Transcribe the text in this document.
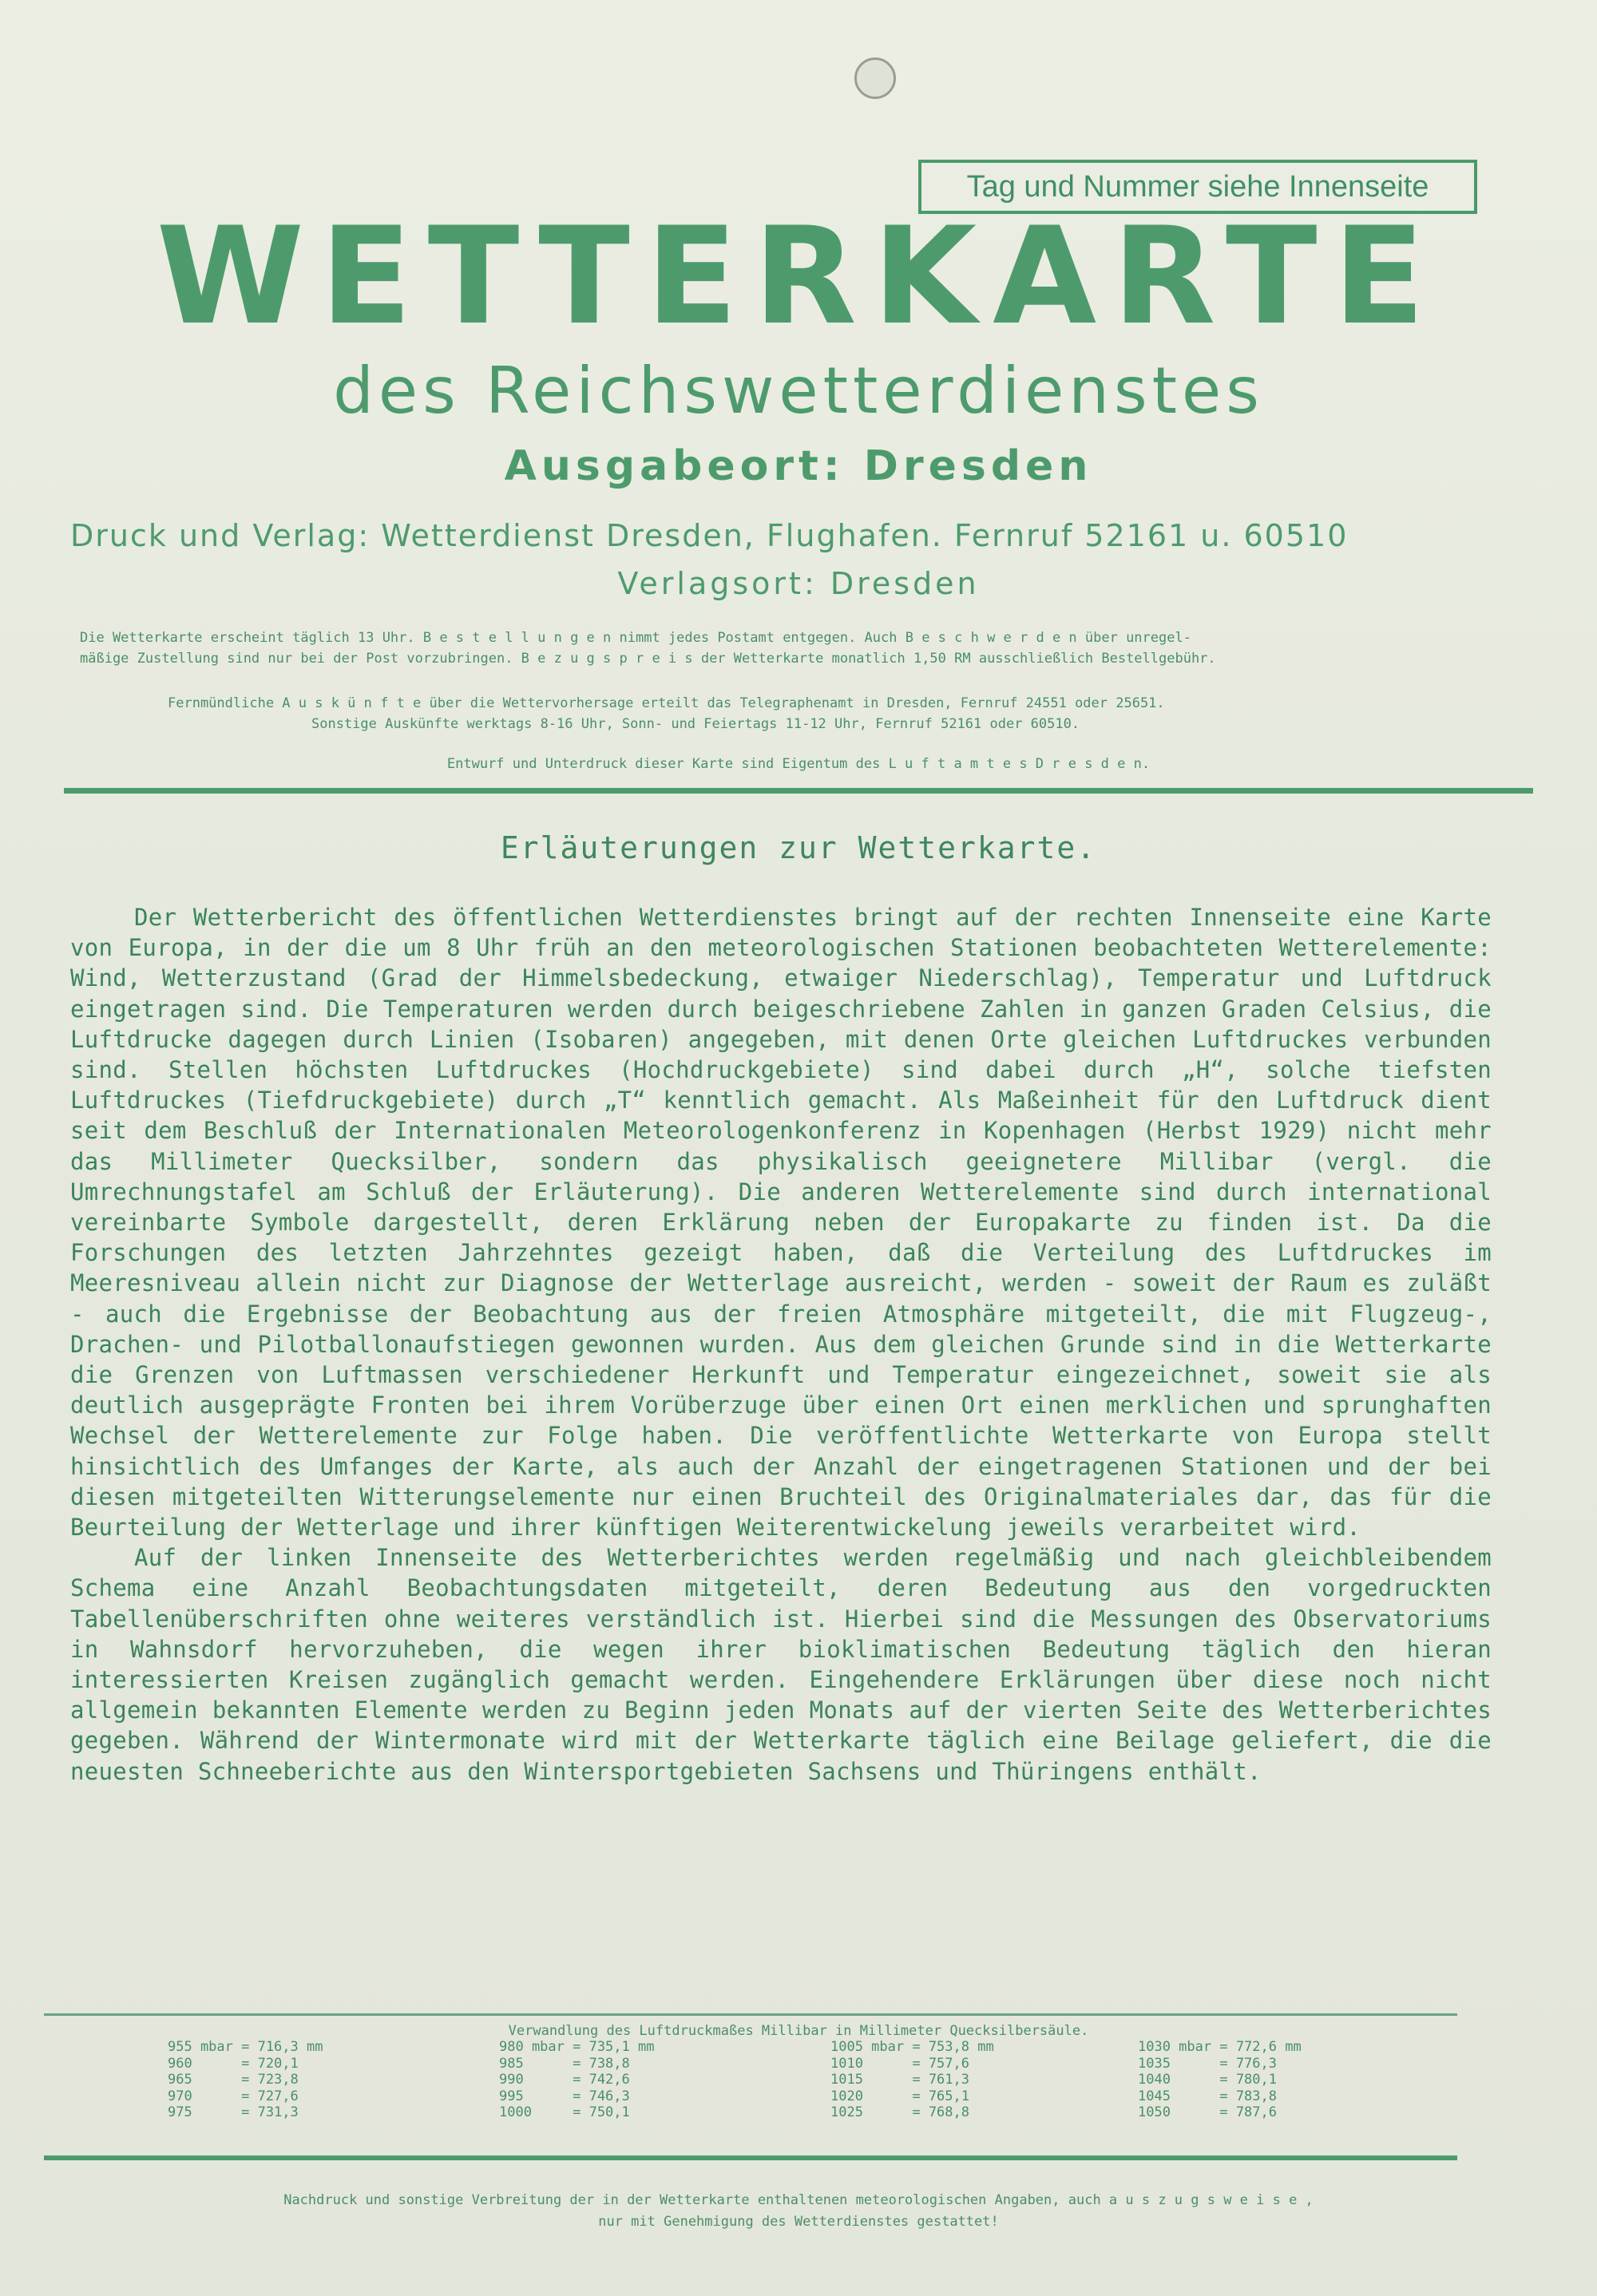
Tag und Nummer siehe Innenseite
WETTERKARTE
des Reichswetterdienstes
Ausgabeort: Dresden
Druck und Verlag: Wetterdienst Dresden, Flughafen. Fernruf 52161 u. 60510
Verlagsort: Dresden
Die Wetterkarte erscheint täglich 13 Uhr. B e s t e l l u n g e n nimmt jedes Postamt entgegen. Auch B e s c h w e r d e n über unregel-
mäßige Zustellung sind nur bei der Post vorzubringen. B e z u g s p r e i s der Wetterkarte monatlich 1,50 RM ausschließlich Bestellgebühr.
Fernmündliche A u s k ü n f t e über die Wettervorhersage erteilt das Telegraphenamt in Dresden, Fernruf 24551 oder 25651.
Sonstige Auskünfte werktags 8-16 Uhr, Sonn- und Feiertags 11-12 Uhr, Fernruf 52161 oder 60510.
Entwurf und Unterdruck dieser Karte sind Eigentum des L u f t a m t e s D r e s d e n.
Erläuterungen zur Wetterkarte.

Der Wetterbericht des öffentlichen Wetterdienstes bringt auf der rechten Innenseite eine Karte von Europa, in der die um 8 Uhr früh an den meteorologischen Stationen beobachteten Wetterelemente: Wind, Wetterzustand (Grad der Himmelsbedeckung, etwaiger Niederschlag), Temperatur und Luftdruck eingetragen sind. Die Temperaturen werden durch beigeschriebene Zahlen in ganzen Graden Celsius, die Luftdrucke dagegen durch Linien (Isobaren) angegeben, mit denen Orte gleichen Luftdruckes verbunden sind. Stellen höchsten Luftdruckes (Hochdruckgebiete) sind dabei durch „H“, solche tiefsten Luftdruckes (Tiefdruckgebiete) durch „T“ kenntlich gemacht. Als Maßeinheit für den Luftdruck dient seit dem Beschluß der Internationalen Meteorologenkonferenz in Kopenhagen (Herbst 1929) nicht mehr das Millimeter Quecksilber, sondern das physikalisch geeignetere Millibar (vergl. die Umrechnungstafel am Schluß der Erläuterung). Die anderen Wetterelemente sind durch international vereinbarte Symbole dargestellt, deren Erklärung neben der Europakarte zu finden ist. Da die Forschungen des letzten Jahrzehntes gezeigt haben, daß die Verteilung des Luftdruckes im Meeresniveau allein nicht zur Diagnose der Wetterlage ausreicht, werden - soweit der Raum es zuläßt - auch die Ergebnisse der Beobachtung aus der freien Atmosphäre mitgeteilt, die mit Flugzeug-, Drachen- und Pilotballonaufstiegen gewonnen wurden. Aus dem gleichen Grunde sind in die Wetterkarte die Grenzen von Luftmassen verschiedener Herkunft und Temperatur eingezeichnet, soweit sie als deutlich ausgeprägte Fronten bei ihrem Vorüberzuge über einen Ort einen merklichen und sprunghaften Wechsel der Wetterelemente zur Folge haben. Die veröffentlichte Wetterkarte von Europa stellt hinsichtlich des Umfanges der Karte, als auch der Anzahl der eingetragenen Stationen und der bei diesen mitgeteilten Witterungselemente nur einen Bruchteil des Originalmateriales dar, das für die Beurteilung der Wetterlage und ihrer künftigen Weiterentwickelung jeweils verarbeitet wird.

Auf der linken Innenseite des Wetterberichtes werden regelmäßig und nach gleichbleibendem Schema eine Anzahl Beobachtungsdaten mitgeteilt, deren Bedeutung aus den vorgedruckten Tabellenüberschriften ohne weiteres verständlich ist. Hierbei sind die Messungen des Observatoriums in Wahnsdorf hervorzuheben, die wegen ihrer bioklimatischen Bedeutung täglich den hieran interessierten Kreisen zugänglich gemacht werden. Eingehendere Erklärungen über diese noch nicht allgemein bekannten Elemente werden zu Beginn jeden Monats auf der vierten Seite des Wetterberichtes gegeben. Während der Wintermonate wird mit der Wetterkarte täglich eine Beilage geliefert, die die neuesten Schneeberichte aus den Wintersportgebieten Sachsens und Thüringens enthält.

Verwandlung des Luftdruckmaßes Millibar in Millimeter Quecksilbersäule.
955 mbar = 716,3 mm
960      = 720,1
965      = 723,8
970      = 727,6
975      = 731,3
980 mbar = 735,1 mm
985      = 738,8
990      = 742,6
995      = 746,3
1000     = 750,1
1005 mbar = 753,8 mm
1010      = 757,6
1015      = 761,3
1020      = 765,1
1025      = 768,8
1030 mbar = 772,6 mm
1035      = 776,3
1040      = 780,1
1045      = 783,8
1050      = 787,6
Nachdruck und sonstige Verbreitung der in der Wetterkarte enthaltenen meteorologischen Angaben, auch a u s z u g s w e i s e ,
nur mit Genehmigung des Wetterdienstes gestattet!
